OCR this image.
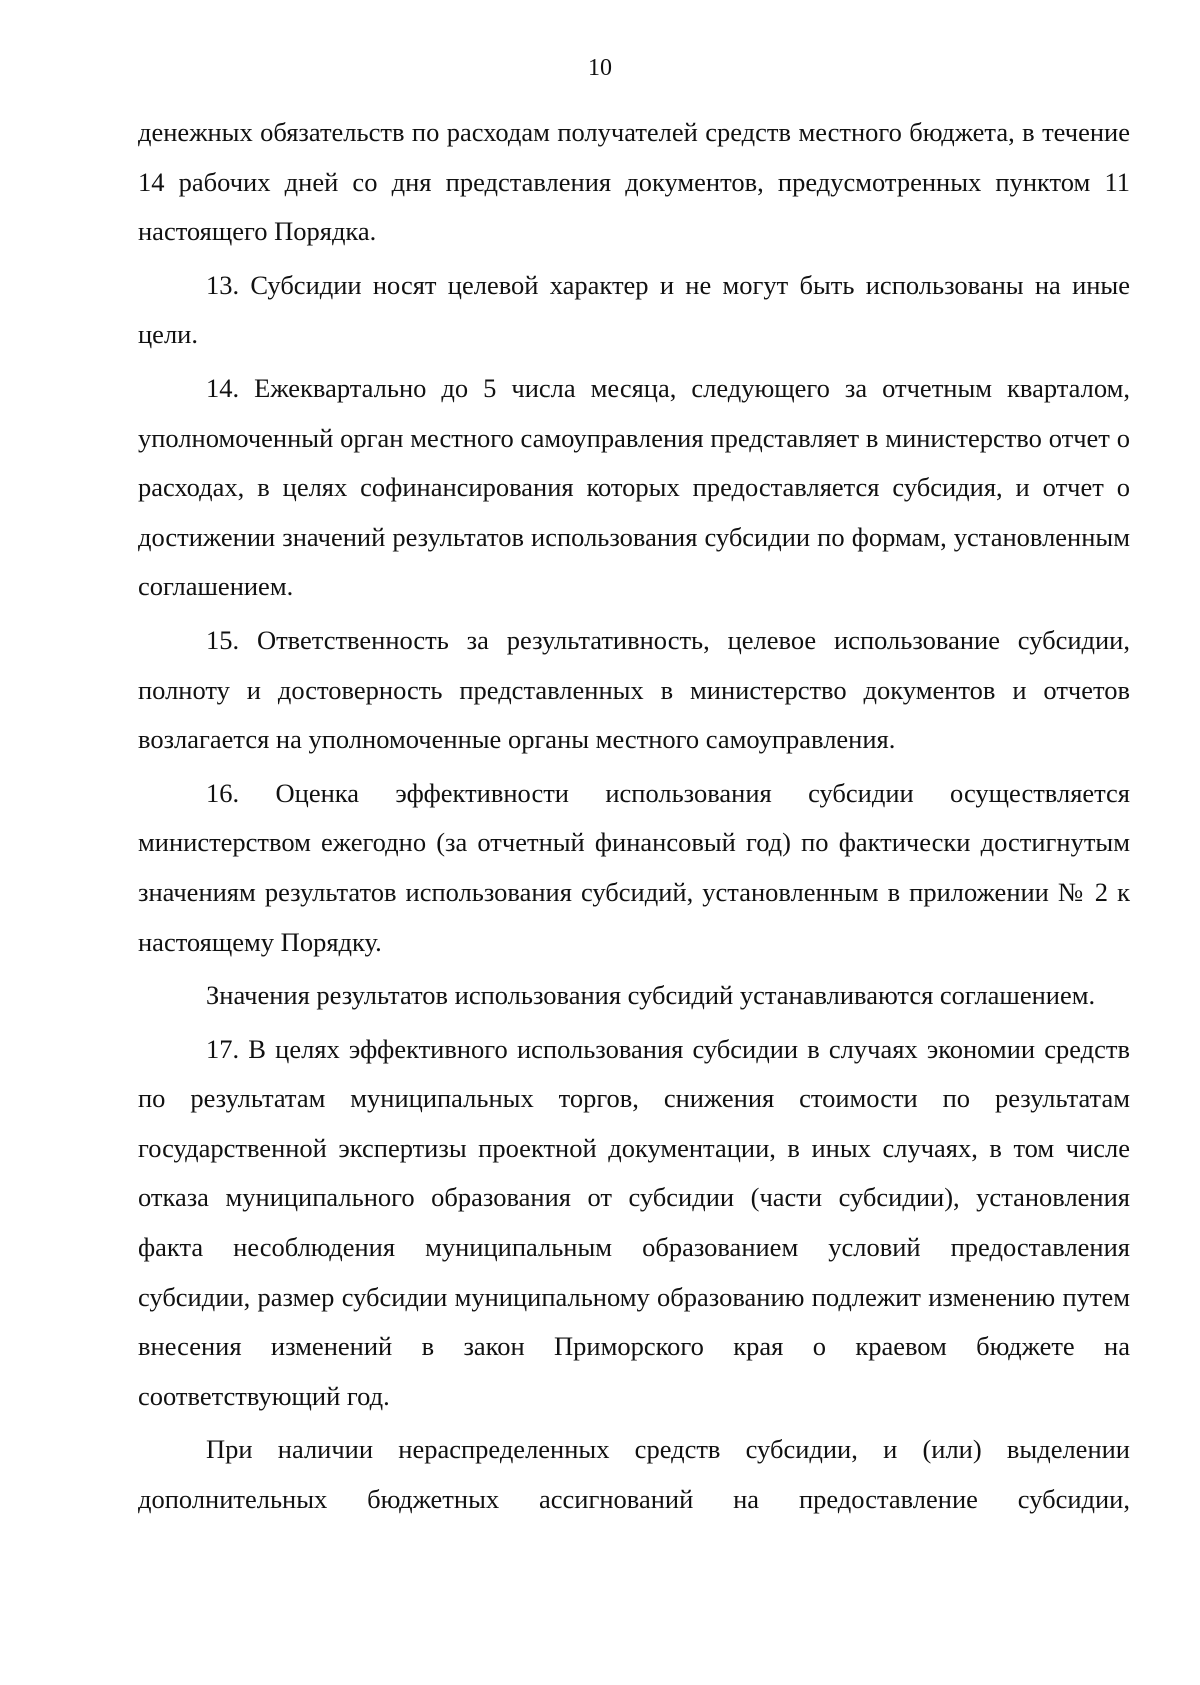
10

денежных обязательств по расходам получателей средств местного бюджета, в течение 14 рабочих дней со дня представления документов, предусмотренных пунктом 11 настоящего Порядка.

13. Субсидии носят целевой характер и не могут быть использованы на иные цели.

14. Ежеквартально до 5 числа месяца, следующего за отчетным кварталом, уполномоченный орган местного самоуправления представляет в министерство отчет о расходах, в целях софинансирования которых предоставляется субсидия, и отчет о достижении значений результатов использования субсидии по формам, установленным соглашением.

15. Ответственность за результативность, целевое использование субсидии, полноту и достоверность представленных в министерство документов и отчетов возлагается на уполномоченные органы местного самоуправления.

16. Оценка эффективности использования субсидии осуществляется министерством ежегодно (за отчетный финансовый год) по фактически достигнутым значениям результатов использования субсидий, установленным в приложении № 2 к настоящему Порядку.

Значения результатов использования субсидий устанавливаются соглашением.

17. В целях эффективного использования субсидии в случаях экономии средств по результатам муниципальных торгов, снижения стоимости по результатам государственной экспертизы проектной документации, в иных случаях, в том числе отказа муниципального образования от субсидии (части субсидии), установления факта несоблюдения муниципальным образованием условий предоставления субсидии, размер субсидии муниципальному образованию подлежит изменению путем внесения изменений в закон Приморского края о краевом бюджете на соответствующий год.

При наличии нераспределенных средств субсидии, и (или) выделении дополнительных бюджетных ассигнований на предоставление субсидии,
